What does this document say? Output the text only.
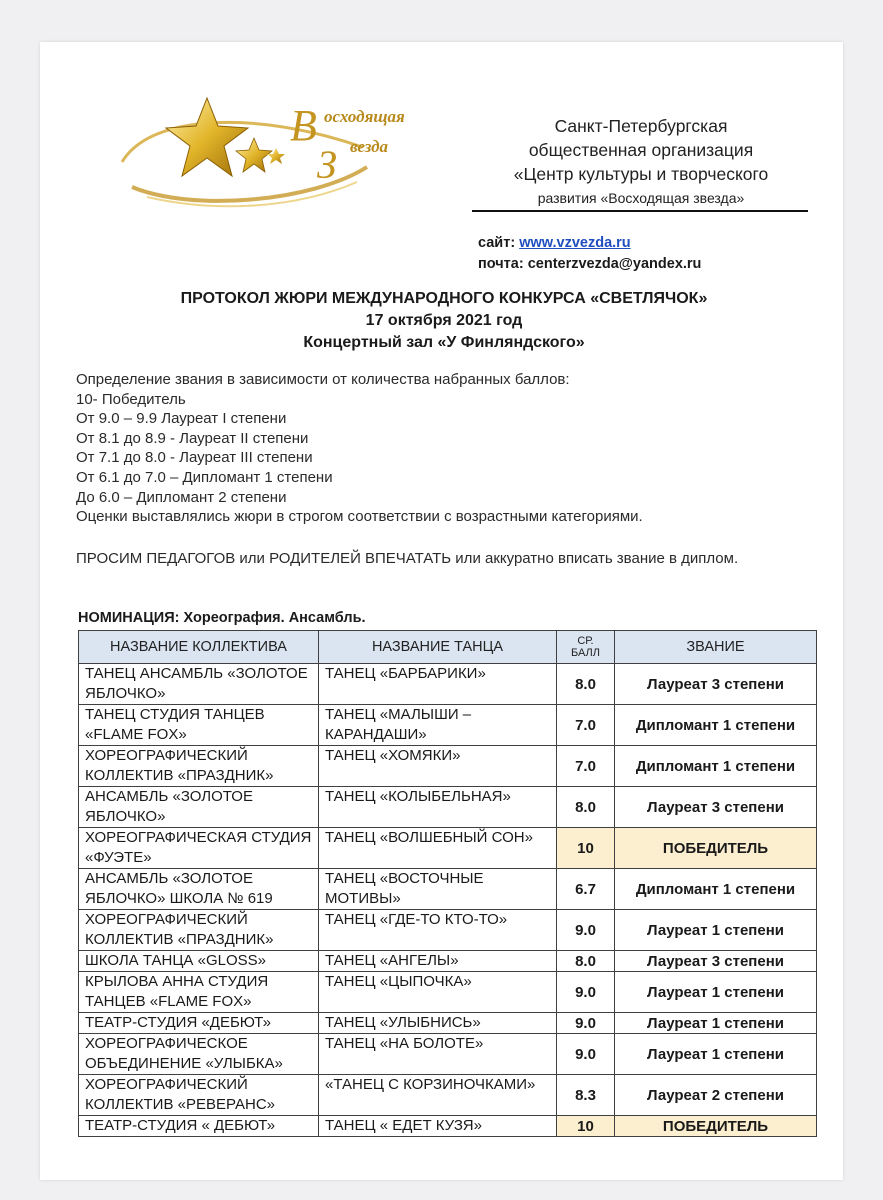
В
З
осходящая
везда
Санкт-Петербургская
общественная организация
«Центр культуры и творческого
развития «Восходящая звезда»
сайт: www.vzvezda.ru
почта: centerzvezda@yandex.ru
ПРОТОКОЛ ЖЮРИ МЕЖДУНАРОДНОГО КОНКУРСА «СВЕТЛЯЧОК»
17 октября 2021 год
Концертный зал «У Финляндского»
Определение звания в зависимости от количества набранных баллов:
10- Победитель
От 9.0 – 9.9 Лауреат I степени
От 8.1 до 8.9 - Лауреат II степени
От 7.1 до 8.0 - Лауреат III степени
От 6.1 до 7.0 – Дипломант 1 степени
До 6.0 – Дипломант 2 степени
Оценки выставлялись жюри в строгом соответствии с возрастными категориями.
ПРОСИМ ПЕДАГОГОВ или РОДИТЕЛЕЙ ВПЕЧАТАТЬ или аккуратно вписать звание в диплом.
НОМИНАЦИЯ: Хореография. Ансамбль.
НАЗВАНИЕ КОЛЛЕКТИВА	НАЗВАНИЕ ТАНЦА	СР.
БАЛЛ	ЗВАНИЕ
ТАНЕЦ АНСАМБЛЬ «ЗОЛОТОЕ ЯБЛОЧКО»	ТАНЕЦ «БАРБАРИКИ»	8.0	Лауреат 3 степени
ТАНЕЦ СТУДИЯ ТАНЦЕВ «FLAME FOX»	ТАНЕЦ «МАЛЫШИ – КАРАНДАШИ»	7.0	Дипломант 1 степени
ХОРЕОГРАФИЧЕСКИЙ КОЛЛЕКТИВ «ПРАЗДНИК»	ТАНЕЦ «ХОМЯКИ»	7.0	Дипломант 1 степени
АНСАМБЛЬ «ЗОЛОТОЕ ЯБЛОЧКО»	ТАНЕЦ «КОЛЫБЕЛЬНАЯ»	8.0	Лауреат 3 степени
ХОРЕОГРАФИЧЕСКАЯ СТУДИЯ «ФУЭТЕ»	ТАНЕЦ «ВОЛШЕБНЫЙ СОН»	10	ПОБЕДИТЕЛЬ
АНСАМБЛЬ «ЗОЛОТОЕ ЯБЛОЧКО» ШКОЛА № 619	ТАНЕЦ «ВОСТОЧНЫЕ МОТИВЫ»	6.7	Дипломант 1 степени
ХОРЕОГРАФИЧЕСКИЙ КОЛЛЕКТИВ «ПРАЗДНИК»	ТАНЕЦ «ГДЕ-ТО КТО-ТО»	9.0	Лауреат 1 степени
ШКОЛА ТАНЦА «GLOSS»	ТАНЕЦ «АНГЕЛЫ»	8.0	Лауреат 3 степени
КРЫЛОВА АННА СТУДИЯ ТАНЦЕВ «FLAME FOX»	ТАНЕЦ «ЦЫПОЧКА»	9.0	Лауреат 1 степени
ТЕАТР-СТУДИЯ «ДЕБЮТ»	ТАНЕЦ «УЛЫБНИСЬ»	9.0	Лауреат 1 степени
ХОРЕОГРАФИЧЕСКОЕ ОБЪЕДИНЕНИЕ «УЛЫБКА»	ТАНЕЦ «НА БОЛОТЕ»	9.0	Лауреат 1 степени
ХОРЕОГРАФИЧЕСКИЙ КОЛЛЕКТИВ «РЕВЕРАНС»	«ТАНЕЦ С КОРЗИНОЧКАМИ»	8.3	Лауреат 2 степени
ТЕАТР-СТУДИЯ « ДЕБЮТ»	ТАНЕЦ « ЕДЕТ КУЗЯ»	10	ПОБЕДИТЕЛЬ
